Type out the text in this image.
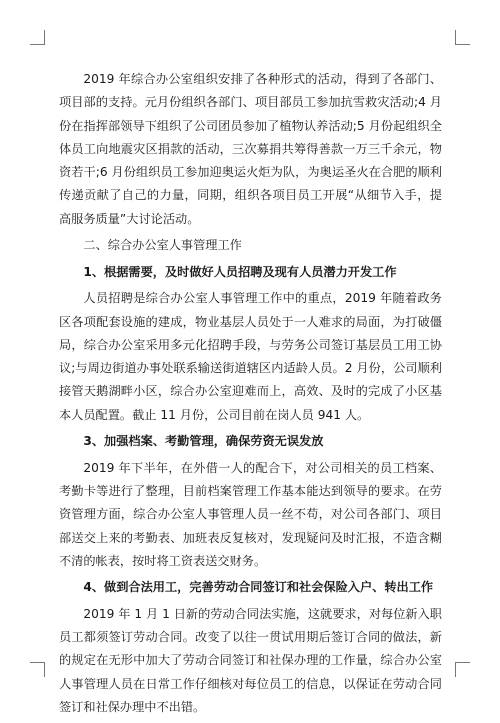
2019 年综合办公室组织安排了各种形式的活动，得到了各部门、项目部的支持。元月份组织各部门、项目部员工参加抗雪救灾活动;4 月份在指挥部领导下组织了公司团员参加了植物认养活动;5 月份起组织全体员工向地震灾区捐款的活动，三次募捐共筹得善款一万三千余元，物资若干;6 月份组织员工参加迎奥运火炬为队，为奥运圣火在合肥的顺利传递贡献了自己的力量，同期，组织各项目员工开展“从细节入手，提高服务质量”大讨论活动。

二、综合办公室人事管理工作

1、根据需要，及时做好人员招聘及现有人员潜力开发工作

人员招聘是综合办公室人事管理工作中的重点，2019 年随着政务区各项配套设施的建成，物业基层人员处于一人难求的局面，为打破僵局，综合办公室采用多元化招聘手段，与劳务公司签订基层员工用工协议;与周边街道办事处联系输送街道辖区内适龄人员。2 月份，公司顺利接管天鹅湖畔小区，综合办公室迎难而上，高效、及时的完成了小区基本人员配置。截止 11 月份，公司目前在岗人员 941 人。

3、加强档案、考勤管理，确保劳资无误发放

2019 年下半年，在外借一人的配合下，对公司相关的员工档案、考勤卡等进行了整理，目前档案管理工作基本能达到领导的要求。在劳资管理方面，综合办公室人事管理人员一丝不苟，对公司各部门、项目部送交上来的考勤表、加班表反复核对，发现疑问及时汇报，不造含糊不清的帐表，按时将工资表送交财务。

4、做到合法用工，完善劳动合同签订和社会保险入户、转出工作

2019 年 1 月 1 日新的劳动合同法实施，这就要求，对每位新入职员工都须签订劳动合同。改变了以往一贯试用期后签订合同的做法，新的规定在无形中加大了劳动合同签订和社保办理的工作量，综合办公室人事管理人员在日常工作仔细核对每位员工的信息，以保证在劳动合同签订和社保办理中不出错。
